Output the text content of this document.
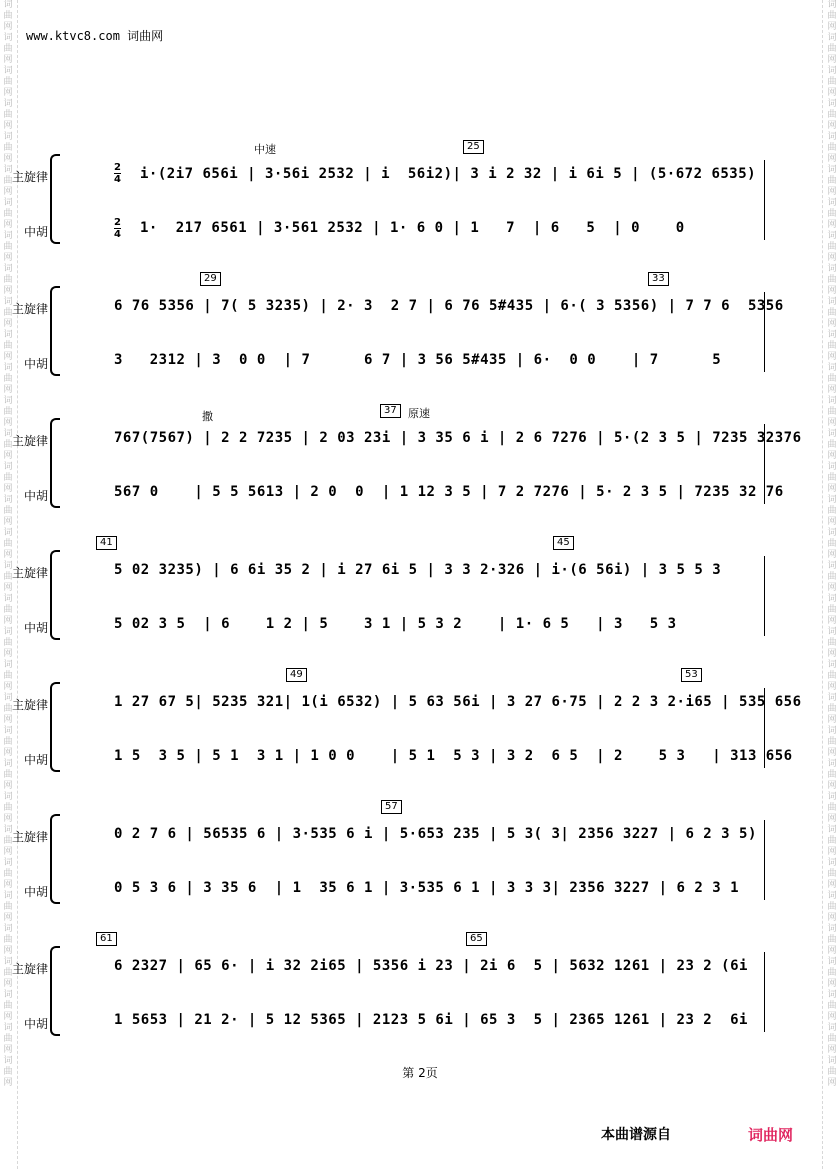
词曲网词曲网词曲网词曲网词曲网词曲网词曲网词曲网词曲网词曲网词曲网词曲网词曲网词曲网词曲网词曲网词曲网词曲网词曲网词曲网词曲网词曲网词曲网词曲网词曲网词曲网词曲网词曲网词曲网词曲网词曲网词曲网词曲网
词曲网词曲网词曲网词曲网词曲网词曲网词曲网词曲网词曲网词曲网词曲网词曲网词曲网词曲网词曲网词曲网词曲网词曲网词曲网词曲网词曲网词曲网词曲网词曲网词曲网词曲网词曲网词曲网词曲网词曲网词曲网词曲网词曲网
www.ktvc8.com 词曲网
主旋律
中胡
2
4
2
4
i·(2i7 656i | 3·56i 2532 | i  56i2)| 3 i 2 32 | i 6i 5 | (5·672 6535)
1·  217 6561 | 3·561 2532 | 1· 6 0 | 1   7  | 6   5  | 0    0
25
中速
主旋律
中胡
6 76 5356 | 7( 5 3235) | 2· 3  2 7 | 6 76 5#435 | 6·( 3 5356) | 7 7 6  5356
3   2312 | 3  0 0  | 7      6 7 | 3 56 5#435 | 6·  0 0    | 7      5
29	33
主旋律
中胡
767(7567) | 2 2 7235 | 2 03 23i | 3 35 6 i | 2 6 7276 | 5·(2 3 5 | 7235 32376
567 0    | 5 5 5613 | 2 0  0  | 1 12 3 5 | 7 2 7276 | 5· 2 3 5 | 7235 32 76
37
撒	原速
主旋律
中胡
5 02 3235) | 6 6i 35 2 | i 27 6i 5 | 3 3 2·326 | i·(6 56i) | 3 5 5 3
5 02 3 5  | 6    1 2 | 5    3 1 | 5 3 2    | 1· 6 5   | 3   5 3
41	45
主旋律
中胡
1 27 67 5| 5235 321| 1(i 6532) | 5 63 56i | 3 27 6·75 | 2 2 3 2·i65 | 535 656
1 5  3 5 | 5 1  3 1 | 1 0 0    | 5 1  5 3 | 3 2  6 5  | 2    5 3   | 313 656
49	53
主旋律
中胡
0 2 7 6 | 56535 6 | 3·535 6 i | 5·653 235 | 5 3( 3| 2356 3227 | 6 2 3 5)
0 5 3 6 | 3 35 6  | 1  35 6 1 | 3·535 6 1 | 3 3 3| 2356 3227 | 6 2 3 1
57
主旋律
中胡
6 2327 | 65 6· | i 32 2i65 | 5356 i 23 | 2i 6  5 | 5632 1261 | 23 2 (6i
1 5653 | 21 2· | 5 12 5365 | 2123 5 6i | 65 3  5 | 2365 1261 | 23 2  6i
61	65
第 2页
本曲谱源自	词曲网
